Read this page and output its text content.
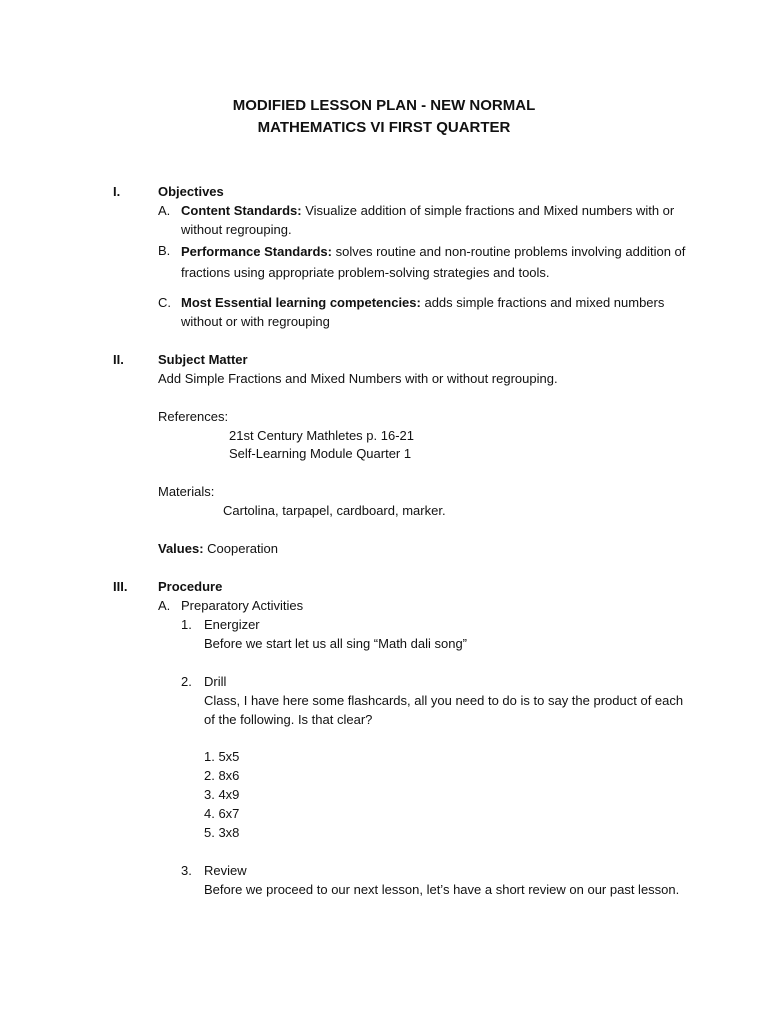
MODIFIED LESSON PLAN - NEW NORMAL
MATHEMATICS VI FIRST QUARTER
I.	Objectives
A. Content Standards: Visualize addition of simple fractions and Mixed numbers with or without regrouping.
B. Performance Standards: solves routine and non-routine problems involving addition of fractions using appropriate problem-solving strategies and tools.
C. Most Essential learning competencies: adds simple fractions and mixed numbers without or with regrouping
II.	Subject Matter
Add Simple Fractions and Mixed Numbers with or without regrouping.
References:
21st Century Mathletes p. 16-21
Self-Learning Module Quarter 1
Materials:
Cartolina, tarpapel, cardboard, marker.
Values: Cooperation
III. Procedure
A. Preparatory Activities
1. Energizer
Before we start let us all sing “Math dali song”
2. Drill
Class, I have here some flashcards, all you need to do is to say the product of each of the following. Is that clear?
1. 5x5
2. 8x6
3. 4x9
4. 6x7
5. 3x8
3. Review
Before we proceed to our next lesson, let’s have a short review on our past lesson.
